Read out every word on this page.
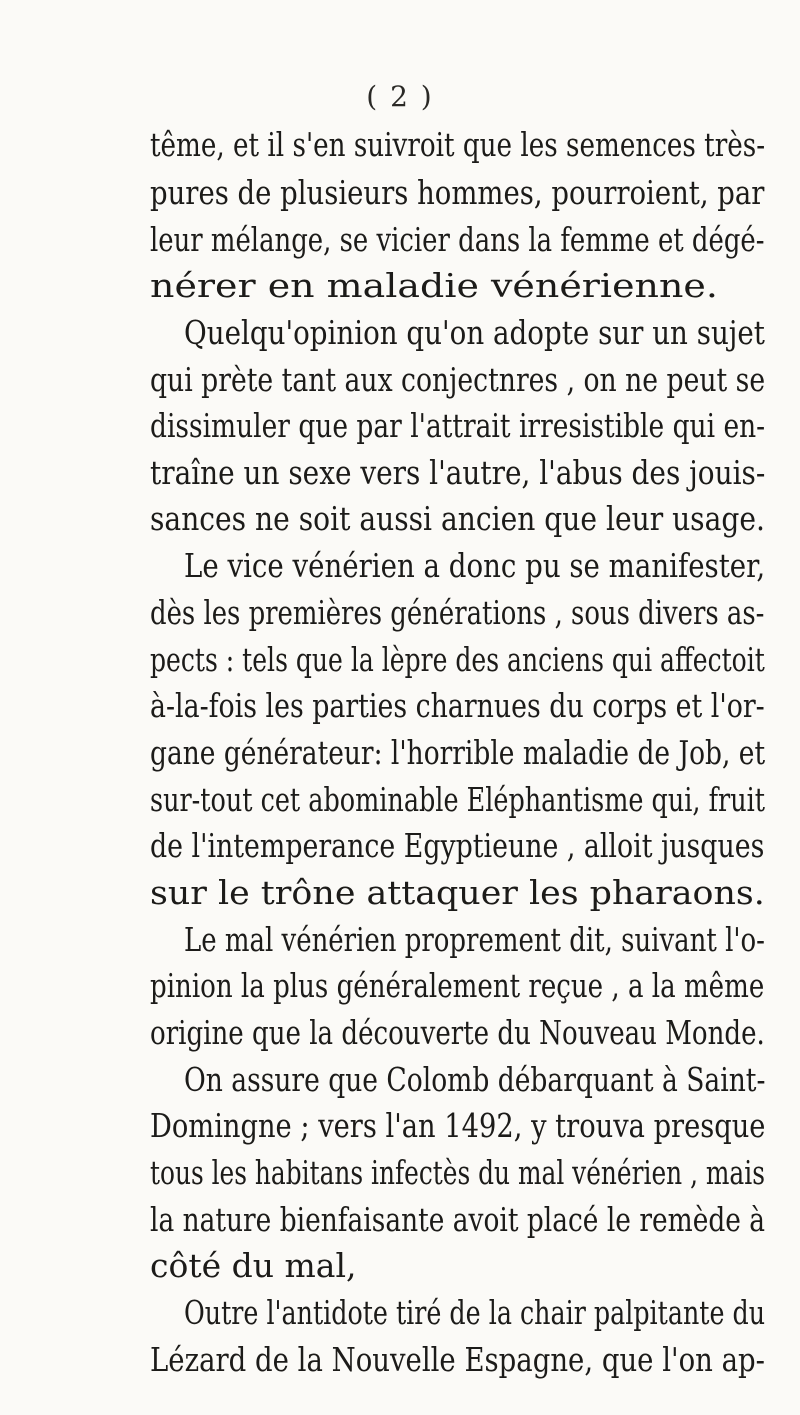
( 2 )
tême, et il s'en suivroit que les semences très-
pures de plusieurs hommes, pourroient, par
leur mélange, se vicier dans la femme et dégé-
nérer en maladie vénérienne.
Quelqu'opinion qu'on adopte sur un sujet
qui prète tant aux conjectnres , on ne peut se
dissimuler que par l'attrait irresistible qui en-
traîne un sexe vers l'autre, l'abus des jouis-
sances ne soit aussi ancien que leur usage.
Le vice vénérien a donc pu se manifester,
dès les premières générations , sous divers as-
pects : tels que la lèpre des anciens qui affectoit
à-la-fois les parties charnues du corps et l'or-
gane générateur: l'horrible maladie de Job, et
sur-tout cet abominable Eléphantisme qui, fruit
de l'intemperance Egyptieune , alloit jusques
sur le trône attaquer les pharaons.
Le mal vénérien proprement dit, suivant l'o-
pinion la plus généralement reçue , a la même
origine que la découverte du Nouveau Monde.
On assure que Colomb débarquant à Saint-
Domingne ; vers l'an 1492, y trouva presque
tous les habitans infectès du mal vénérien , mais
la nature bienfaisante avoit placé le remède à
côté du mal,
Outre l'antidote tiré de la chair palpitante du
Lézard de la Nouvelle Espagne, que l'on ap-
